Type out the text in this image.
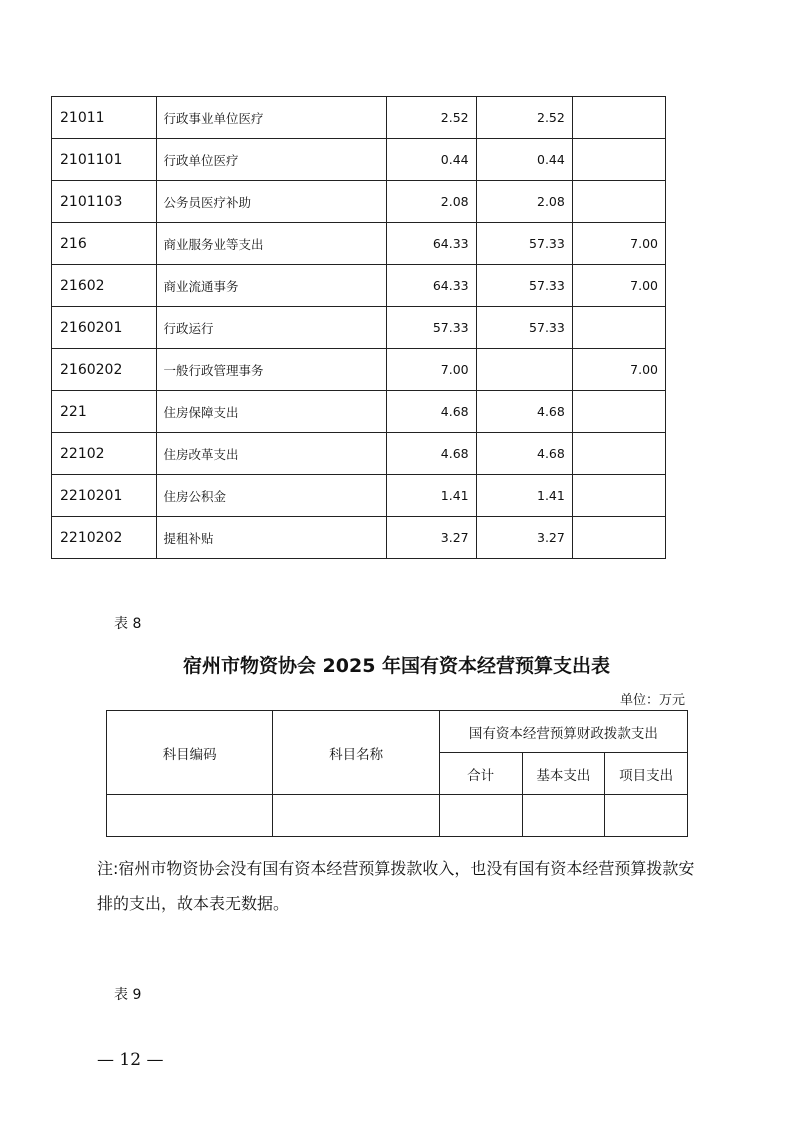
21011	行政事业单位医疗	2.52	2.52	
2101101	行政单位医疗	0.44	0.44	
2101103	公务员医疗补助	2.08	2.08	
216	商业服务业等支出	64.33	57.33	7.00
21602	商业流通事务	64.33	57.33	7.00
2160201	行政运行	57.33	57.33	
2160202	一般行政管理事务	7.00		7.00
221	住房保障支出	4.68	4.68	
22102	住房改革支出	4.68	4.68	
2210201	住房公积金	1.41	1.41	
2210202	提租补贴	3.27	3.27	
表 8
宿州市物资协会 2025 年国有资本经营预算支出表
单位：万元
科目编码	科目名称	国有资本经营预算财政拨款支出		
		合计	基本支出	项目支出

注:宿州市物资协会没有国有资本经营预算拨款收入，也没有国有资本经营预算拨款安排的支出，故本表无数据。
表 9
— 12 —
